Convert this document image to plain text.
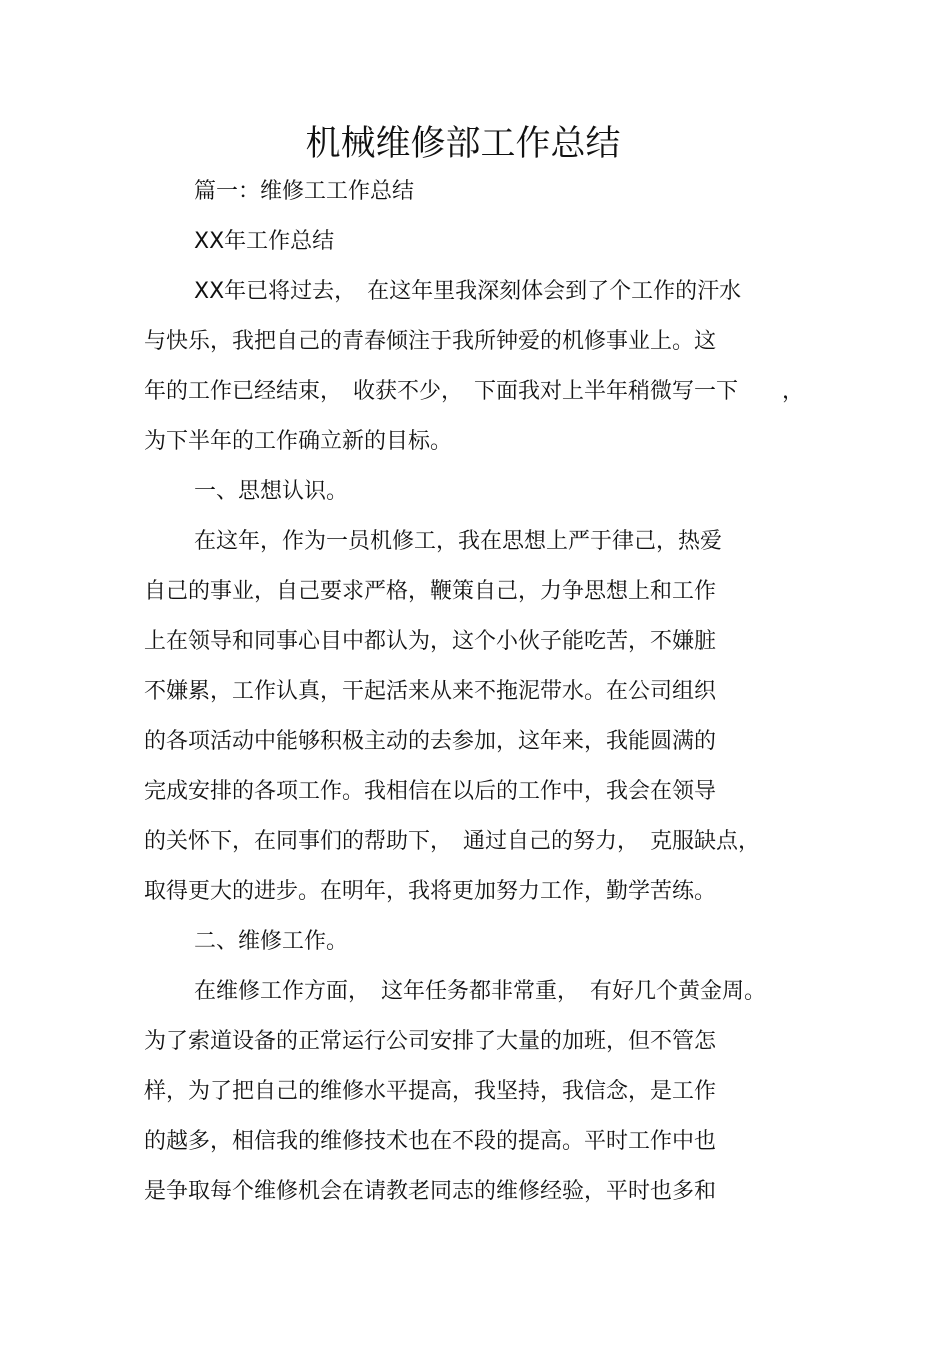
机械维修部工作总结
篇一：维修工工作总结
XX年工作总结
XX年已将过去，　在这年里我深刻体会到了个工作的汗水
与快乐，我把自己的青春倾注于我所钟爱的机修事业上。这
年的工作已经结束，　收获不少，　下面我对上半年稍微写一下　　，
为下半年的工作确立新的目标。
一、思想认识。
在这年，作为一员机修工，我在思想上严于律己，热爱
自己的事业，自己要求严格，鞭策自己，力争思想上和工作
上在领导和同事心目中都认为，这个小伙子能吃苦，不嫌脏
不嫌累，工作认真，干起活来从来不拖泥带水。在公司组织
的各项活动中能够积极主动的去参加，这年来，我能圆满的
完成安排的各项工作。我相信在以后的工作中，我会在领导
的关怀下，在同事们的帮助下，　通过自己的努力，　克服缺点，
取得更大的进步。在明年，我将更加努力工作，勤学苦练。
二、维修工作。
在维修工作方面，　这年任务都非常重，　有好几个黄金周。
为了索道设备的正常运行公司安排了大量的加班，但不管怎
样，为了把自己的维修水平提高，我坚持，我信念，是工作
的越多，相信我的维修技术也在不段的提高。平时工作中也
是争取每个维修机会在请教老同志的维修经验，平时也多和
